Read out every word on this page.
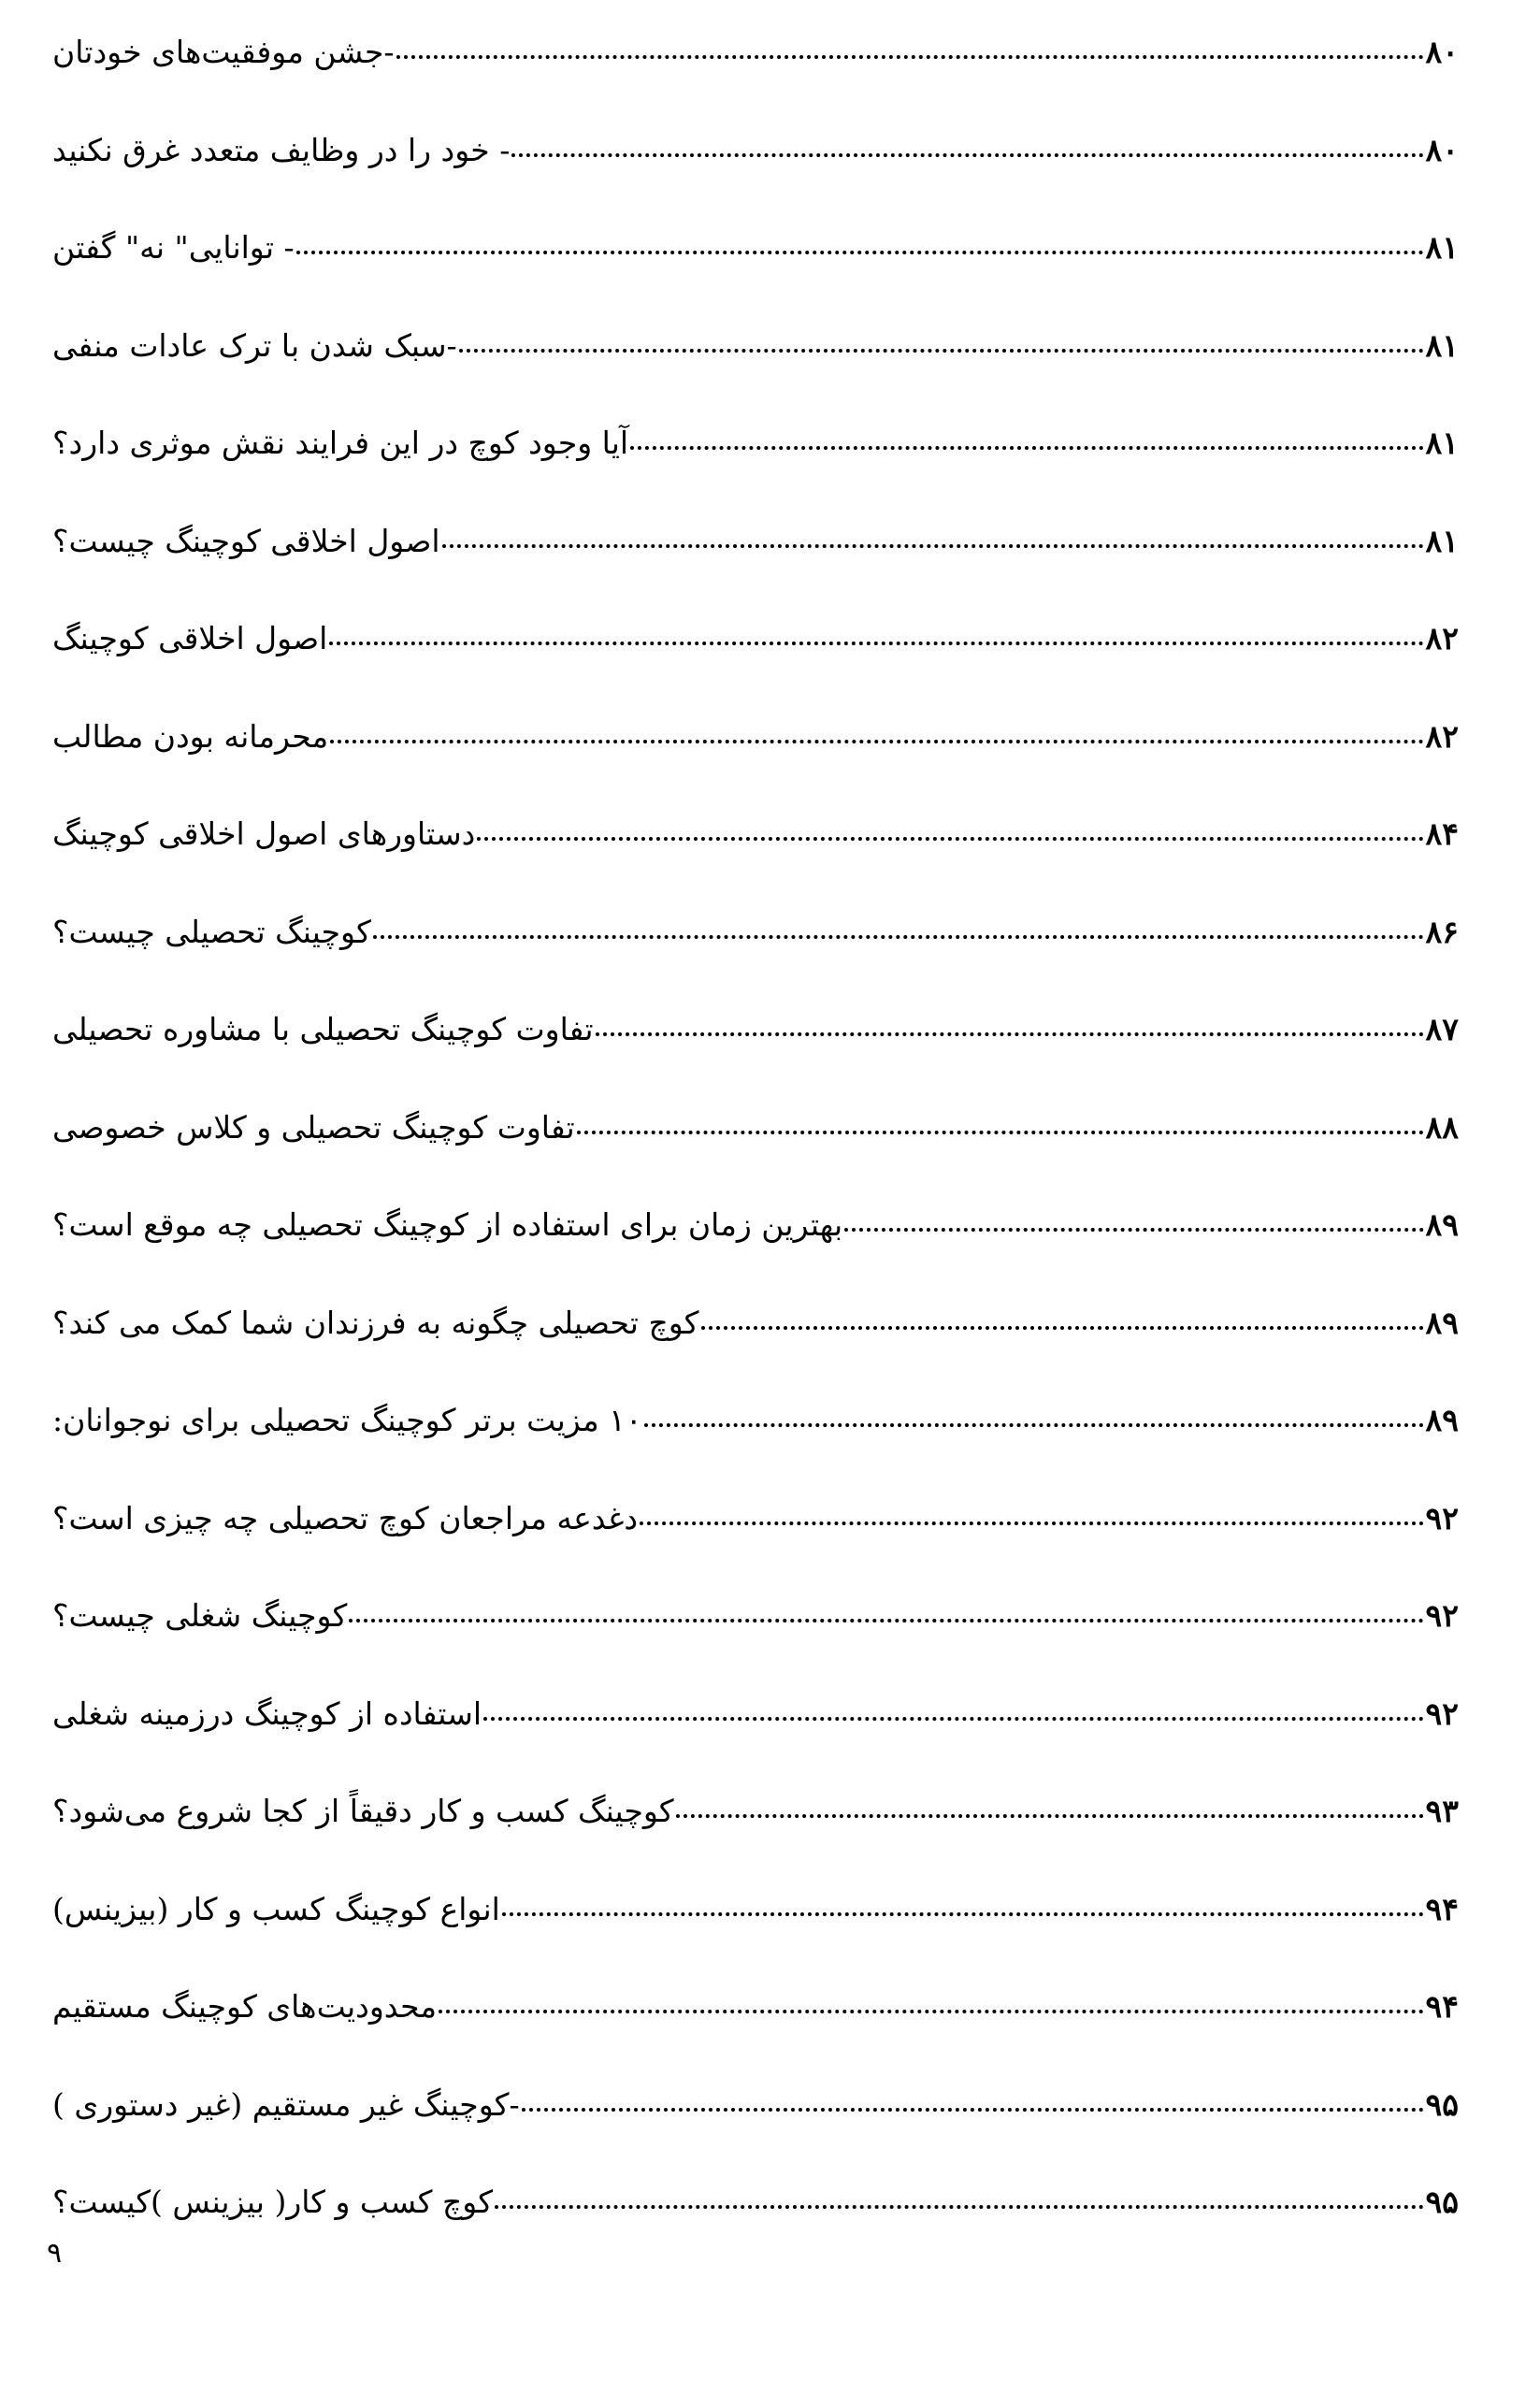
-جشن موفقیت‌های خودتان	۸۰
- خود را در وظایف متعدد غرق نکنید	۸۰
- توانایی" نه" گفتن	۸۱
-سبک شدن با ترک عادات منفی	۸۱
آیا وجود کوچ در این فرایند نقش موثری دارد؟	۸۱
اصول اخلاقی کوچینگ چیست؟	۸۱
اصول اخلاقی کوچینگ	۸۲
محرمانه بودن مطالب	۸۲
دستاورهای اصول اخلاقی کوچینگ	۸۴
کوچینگ تحصیلی چیست؟	۸۶
تفاوت کوچینگ تحصیلی با مشاوره تحصیلی	۸۷
تفاوت کوچینگ تحصیلی و کلاس خصوصی	۸۸
بهترین زمان برای استفاده از کوچینگ تحصیلی چه موقع است؟	۸۹
کوچ تحصیلی چگونه به فرزندان شما کمک می کند؟	۸۹
۱۰ مزیت برتر کوچینگ تحصیلی برای نوجوانان:	۸۹
دغدعه مراجعان کوچ تحصیلی چه چیزی است؟	۹۲
کوچینگ شغلی چیست؟	۹۲
استفاده از کوچینگ درزمینه شغلی	۹۲
کوچینگ کسب و کار دقیقاً از کجا شروع می‌شود؟	۹۳
انواع کوچینگ کسب و کار (بیزینس)	۹۴
محدودیت‌های کوچینگ مستقیم	۹۴
-کوچینگ غیر مستقیم (غیر دستوری )	۹۵
کوچ کسب و کار( بیزینس )کیست؟	۹۵
۹
